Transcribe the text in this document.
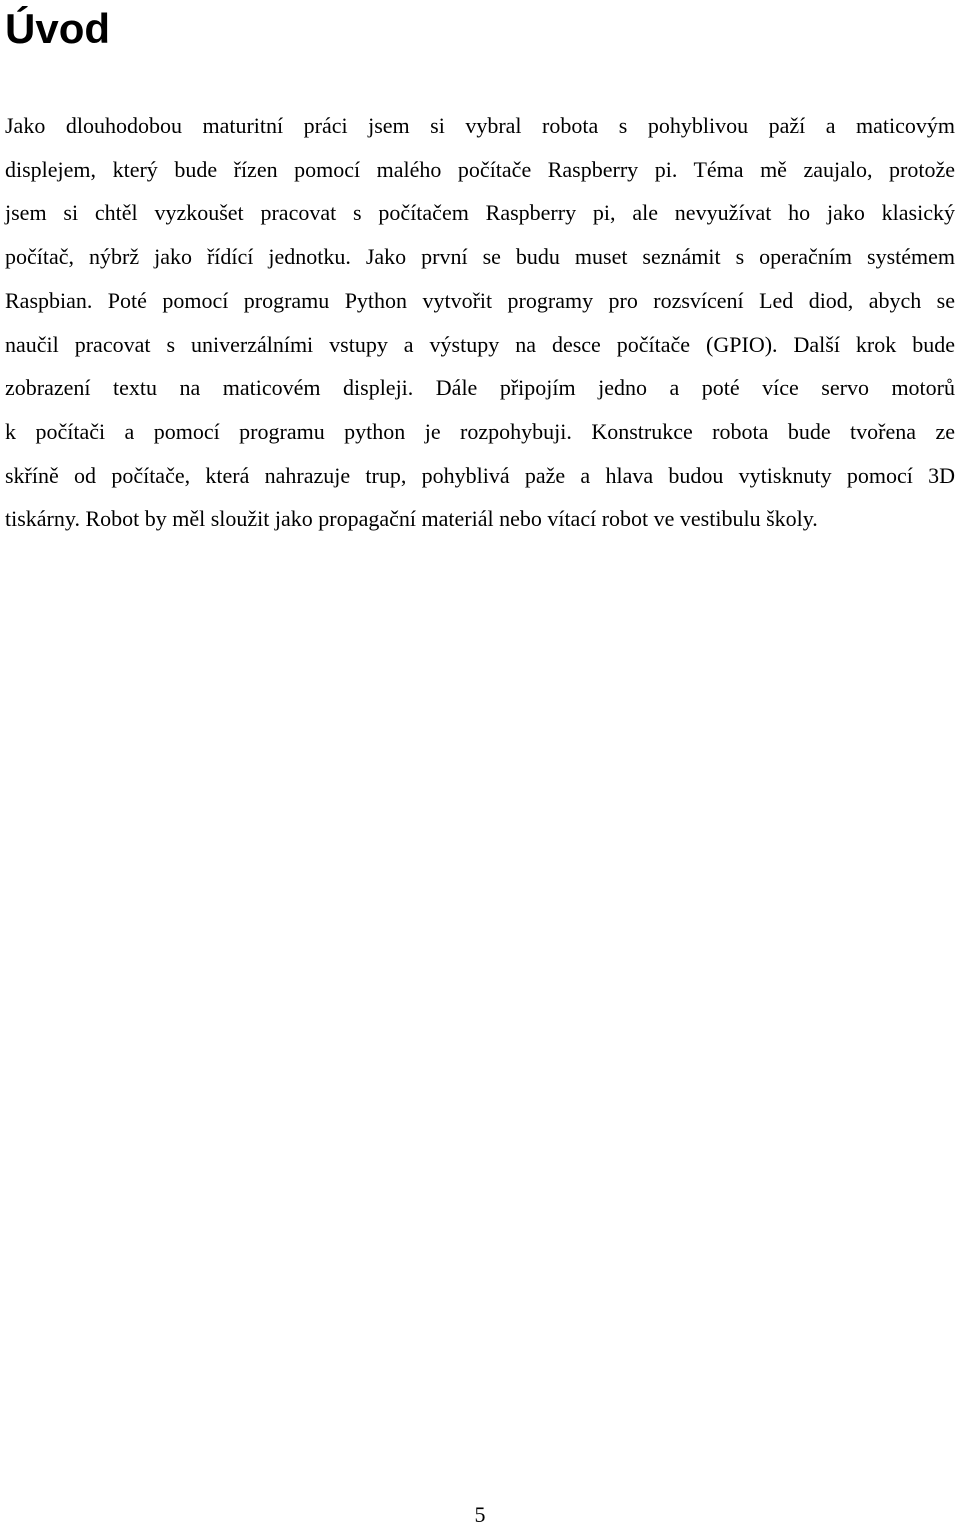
Úvod

Jako dlouhodobou maturitní práci jsem si vybral robota s pohyblivou paží a maticovým
displejem, který bude řízen pomocí malého počítače Raspberry pi. Téma mě zaujalo, protože
jsem si chtěl vyzkoušet pracovat s počítačem Raspberry pi, ale nevyužívat ho jako klasický
počítač, nýbrž jako řídící jednotku. Jako první se budu muset seznámit s operačním systémem
Raspbian. Poté pomocí programu Python vytvořit programy pro rozsvícení Led diod, abych se
naučil pracovat s univerzálními vstupy a výstupy na desce počítače (GPIO). Další krok bude
zobrazení textu na maticovém displeji. Dále připojím jedno a poté více servo motorů
k počítači a pomocí programu python je rozpohybuji. Konstrukce robota bude tvořena ze
skříně od počítače, která nahrazuje trup, pohyblivá paže a hlava budou vytisknuty pomocí 3D
tiskárny. Robot by měl sloužit jako propagační materiál nebo vítací robot ve vestibulu školy.

5
